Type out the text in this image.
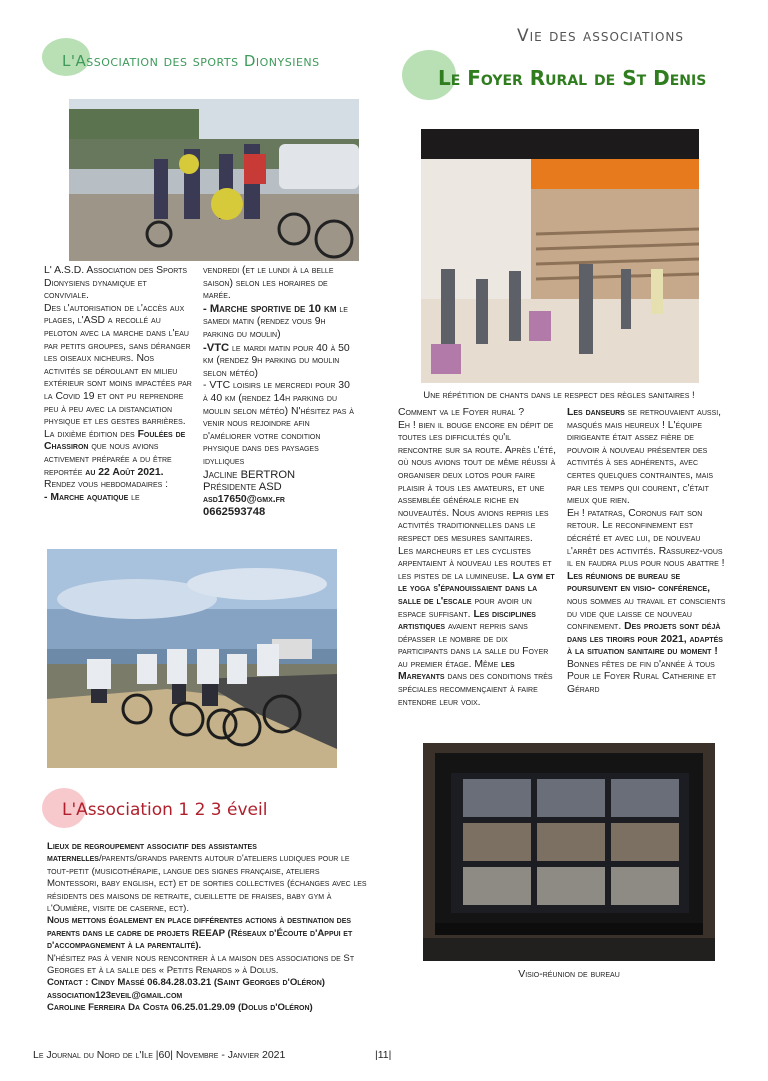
Vie des associations
L'Association des sports Dionysiens

L' A.S.D. Association des Sports Dionysiens dynamique et conviviale.

Des l'autorisation de l'accès aux plages, l'ASD a recollé au peloton avec la marche dans l'eau par petits groupes, sans déranger les oiseaux nicheurs. Nos activités se déroulant en milieu extérieur sont moins impactées par la Covid 19 et ont pu reprendre peu à peu avec la distanciation physique et les gestes barrières. La dixième édition des Foulées de Chassiron que nous avions activement préparée a du être reportée au 22 Août 2021.

Rendez vous hebdomadaires :

- Marche aquatique le

vendredi (et le lundi à la belle saison) selon les horaires de marée.

- Marche sportive de 10 km le samedi matin (rendez vous 9h parking du moulin)

-VTC le mardi matin pour 40 à 50 km (rendez 9h parking du moulin selon météo)

- VTC loisirs le mercredi pour 30 à 40 km (rendez 14h parking du moulin selon météo) N'hésitez pas à venir nous rejoindre afin d'améliorer votre condition physique dans des paysages idylliques

Jacline BERTRON

Présidente ASD

asd17650@gmx.fr

0662593748

Le Foyer Rural de St Denis
Une répétition de chants dans le respect des règles sanitaires !

Comment va le Foyer rural ?

Eh ! bien il bouge encore en dépit de toutes les difficultés qu'il rencontre sur sa route. Après l'été, où nous avions tout de même réussi à organiser deux lotos pour faire plaisir à tous les amateurs, et une assemblée générale riche en nouveautés. Nous avions repris les activités traditionnelles dans le respect des mesures sanitaires.

Les marcheurs et les cyclistes arpentaient à nouveau les routes et les pistes de la lumineuse. La gym et le yoga s'épanouissaient dans la salle de l'escale pour avoir un espace suffisant. Les disciplines artistiques avaient repris sans dépasser le nombre de dix participants dans la salle du Foyer au premier étage. Même les Mareyants dans des conditions très spéciales recommençaient à faire entendre leur voix.

Les danseurs se retrouvaient aussi, masqués mais heureux ! L'équipe dirigeante était assez fière de pouvoir à nouveau présenter des activités à ses adhérents, avec certes quelques contraintes, mais par les temps qui courent, c'était mieux que rien.

Eh ! patatras, Coronus fait son retour. Le reconfinement est décrété et avec lui, de nouveau l'arrêt des activités. Rassurez-vous il en faudra plus pour nous abattre !

Les réunions de bureau se poursuivent en visio- conférence, nous sommes au travail et conscients du vide que laisse ce nouveau confinement. Des projets sont déjà dans les tiroirs pour 2021, adaptés à la situation sanitaire du moment !

Bonnes fêtes de fin d'année à tous Pour le Foyer Rural Catherine et Gérard

Visio-réunion de bureau
L'Association 1 2 3 éveil

Lieux de regroupement associatif des assistantes maternelles/parents/grands parents autour d'ateliers ludiques pour le tout-petit (musicothérapie, langue des signes française, ateliers Montessori, baby english, ect) et de sorties collectives (échanges avec les résidents des maisons de retraite, cueillette de fraises, baby gym à l'Oumière, visite de caserne, ect).

Nous mettons également en place différentes actions à destination des parents dans le cadre de projets REEAP (Réseaux d'Écoute d'Appui et d'accompagnement à la parentalité).

N'hésitez pas à venir nous rencontrer à la maison des associations de St Georges et à la salle des « Petits Renards » à Dolus.

Contact : Cindy Massé 06.84.28.03.21 (Saint Georges d'Oléron)

association123eveil@gmail.com

Caroline Ferreira Da Costa 06.25.01.29.09 (Dolus d'Oléron)

Le Journal du Nord de l'Ile |60| Novembre - Janvier 2021	|11|
